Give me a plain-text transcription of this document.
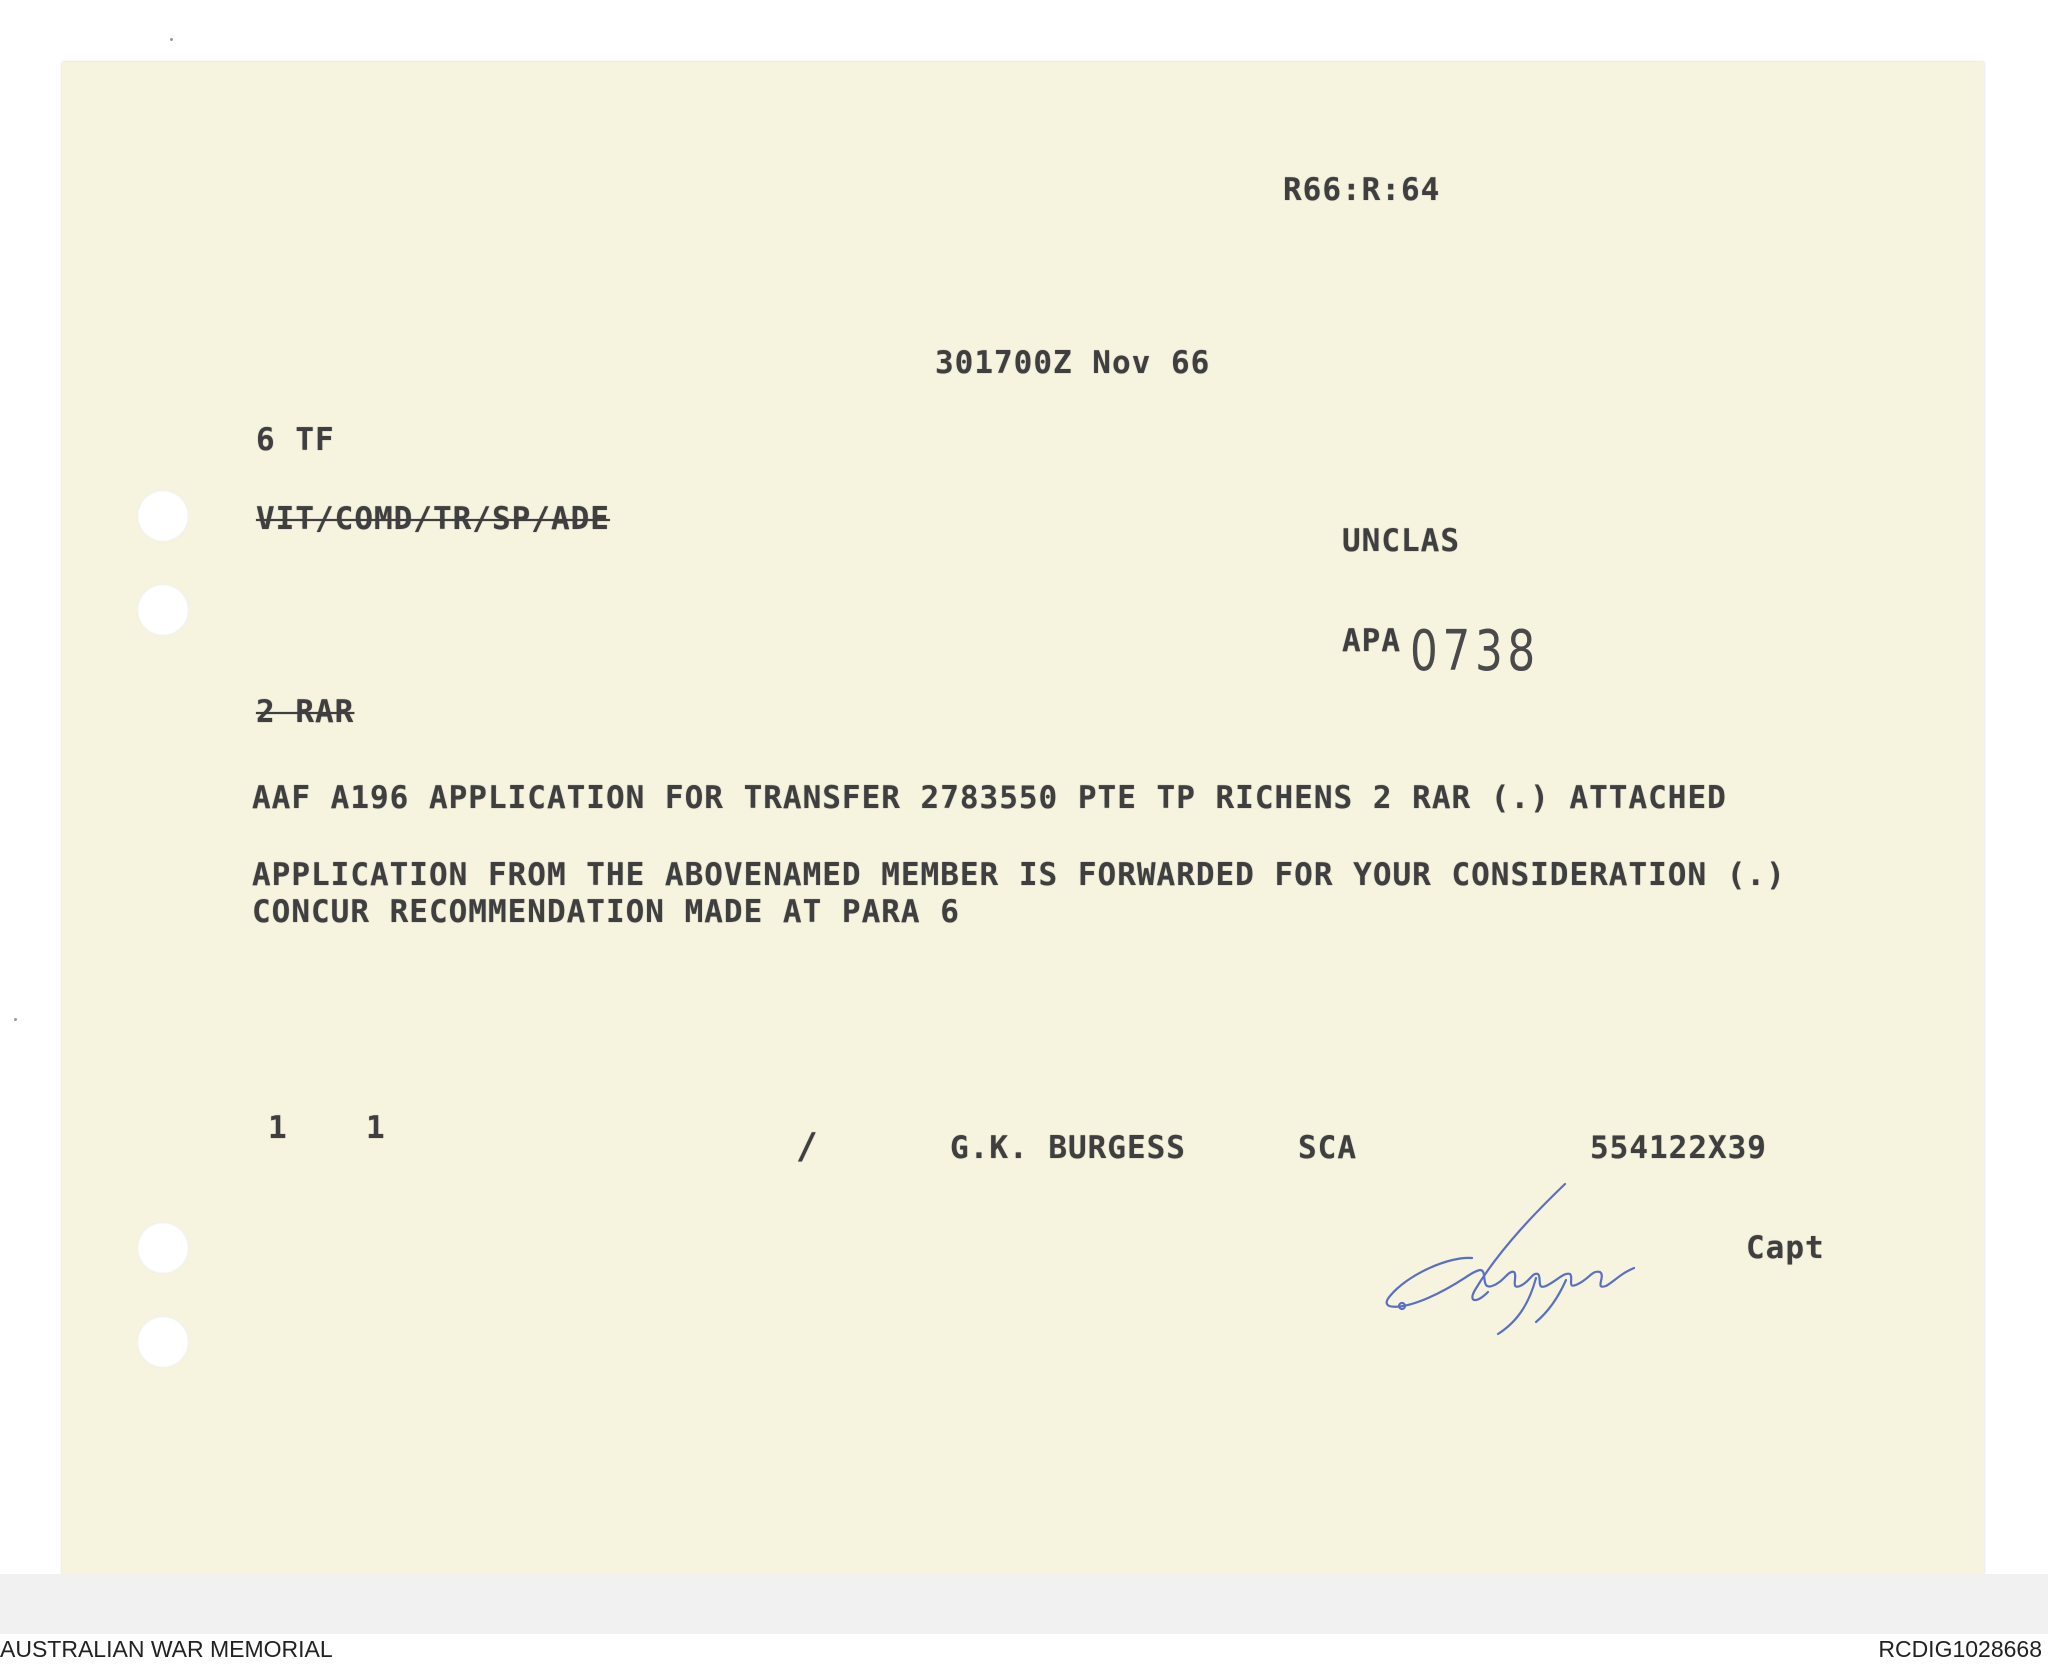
R66:R:64
301700Z Nov 66
6 TF
VIT/COMD/TR/SP/ADE
UNCLAS
APA 0738
2 RAR
AAF A196 APPLICATION FOR TRANSFER 2783550 PTE TP RICHENS 2 RAR (.) ATTACHED
APPLICATION FROM THE ABOVENAMED MEMBER IS FORWARDED FOR YOUR CONSIDERATION (.)
CONCUR RECOMMENDATION MADE AT PARA 6
1	1	/	G.K. BURGESS	SCA	554122X39
Capt
AUSTRALIAN WAR MEMORIAL	RCDIG1028668
